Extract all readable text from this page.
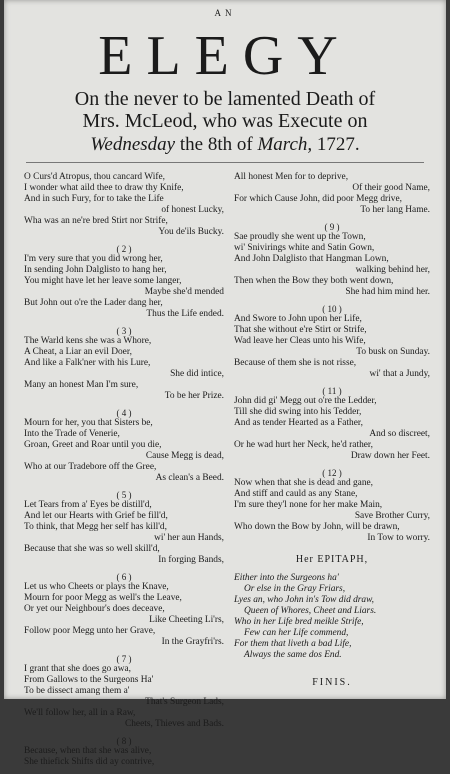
AN
ELEGY
On the never to be lamented Death of
Mrs. McLeod, who was Execute on
Wednesday the 8th of March, 1727.
O Curs'd Atropus, thou cancard Wife,
I wonder what aild thee to draw thy Knife,
And in such Fury, for to take the Life
of honest Lucky,
Wha was an ne're bred Stirt nor Strife,
You de'ils Bucky.
( 2 )
I'm very sure that you did wrong her,
In sending John Dalglisto to hang her,
You might have let her leave some langer,
Maybe she'd mended
But John out o're the Lader dang her,
Thus the Life ended.
( 3 )
The Warld kens she was a Whore,
A Cheat, a Liar an evil Doer,
And like a Falk'ner with his Lure,
She did intice,
Many an honest Man I'm sure,
To be her Prize.
( 4 )
Mourn for her, you that Sisters be,
Into the Trade of Venerie,
Groan, Greet and Roar until you die,
Cause Megg is dead,
Who at our Tradebore off the Gree,
As clean's a Beed.
( 5 )
Let Tears from a' Eyes be distill'd,
And let our Hearts with Grief be fill'd,
To think, that Megg her self has kill'd,
wi' her aun Hands,
Because that she was so well skill'd,
In forging Bands,
( 6 )
Let us who Cheets or plays the Knave,
Mourn for poor Megg as well's the Leave,
Or yet our Neighbour's does deceave,
Like Cheeting Li'rs,
Follow poor Megg unto her Grave,
In the Grayfri'rs.
( 7 )
I grant that she does go awa,
From Gallows to the Surgeons Ha'
To be dissect amang them a'
That's Surgeon Lads,
We'll follow her, all in a Raw,
Cheets, Thieves and Bads.
( 8 )
Because, when that she was alive,
She thiefick Shifts did ay contrive,
All honest Men for to deprive,
Of their good Name,
For which Cause John, did poor Megg drive,
To her lang Hame.
( 9 )
Sae proudly she went up the Town,
wi' Snivirings white and Satin Gown,
And John Dalglisto that Hangman Lown,
walking behind her,
Then when the Bow they both went down,
She had him mind her.
( 10 )
And Swore to John upon her Life,
That she without e're Stirt or Strife,
Wad leave her Cleas unto his Wife,
To busk on Sunday.
Because of them she is not risse,
wi' that a Jundy,
( 11 )
John did gi' Megg out o're the Ledder,
Till she did swing into his Tedder,
And as tender Hearted as a Father,
And so discreet,
Or he wad hurt her Neck, he'd rather,
Draw down her Feet.
( 12 )
Now when that she is dead and gane,
And stiff and cauld as any Stane,
I'm sure they'l none for her make Main,
Save Brother Curry,
Who down the Bow by John, will be drawn,
In Tow to worry.
Her EPITAPH,
Either into the Surgeons ha'
Or else in the Gray Friars,
Lyes an, who John in's Tow did draw,
Queen of Whores, Cheet and Liars.
Who in her Life bred meikle Strife,
Few can her Life commend,
For them that liveth a bad Life,
Always the same dos End.
FINIS.
